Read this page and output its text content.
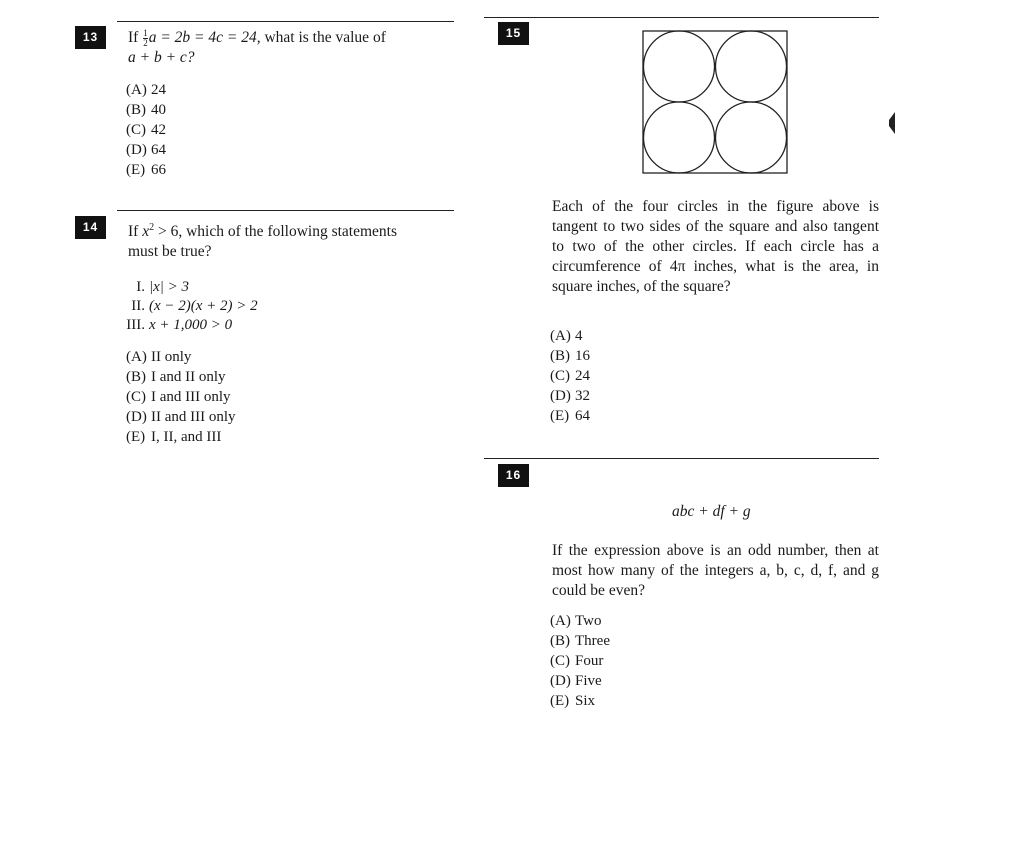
13	If $\frac{1}{2}$ a = 2b = 4c = 24, what is the value of
a + b + c?
(A) 24
(B) 40
(C) 42
(D) 64
(E) 66
14	If $x^2 > 6$, which of the following statements
must be true?
I. |x| > 3
II. (x − 2)(x + 2) > 2
III. x + 1,000 > 0
(A) II only
(B) I and II only
(C) I and III only
(D) II and III only
(E) I, II, and III
15
Each of the four circles in the figure above is tangent to two sides of the square and also tangent to two of the other circles. If each circle has a circumference of 4π inches, what is the area, in square inches, of the square?
(A) 4
(B) 16
(C) 24
(D) 32
(E) 64
16
abc + df + g
If the expression above is an odd number, then at most how many of the integers a, b, c, d, f, and g could be even?
(A) Two
(B) Three
(C) Four
(D) Five
(E) Six
